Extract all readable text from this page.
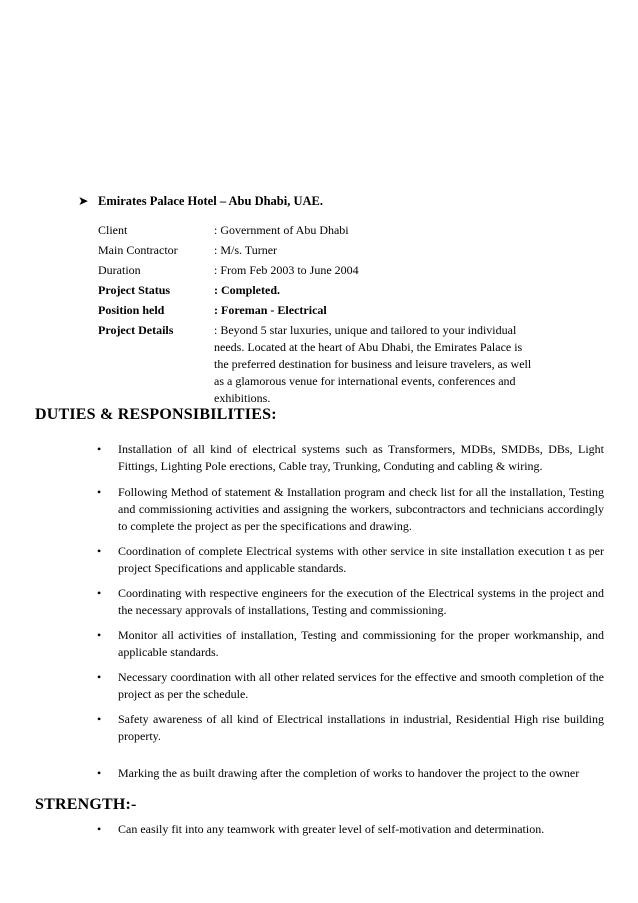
➤ Emirates Palace Hotel – Abu Dhabi, UAE.
Client	: Government of Abu Dhabi
Main Contractor	: M/s. Turner
Duration	: From Feb 2003 to June 2004
Project Status	: Completed.
Position held	: Foreman - Electrical
Project Details	: Beyond 5 star luxuries, unique and tailored to your individual needs. Located at the heart of Abu Dhabi, the Emirates Palace is the preferred destination for business and leisure travelers, as well as a glamorous venue for international events, conferences and exhibitions.
DUTIES & RESPONSIBILITIES:
• Installation of all kind of electrical systems such as Transformers, MDBs, SMDBs, DBs, Light Fittings, Lighting Pole erections, Cable tray, Trunking, Conduting and cabling & wiring.
• Following Method of statement & Installation program and check list for all the installation, Testing and commissioning activities and assigning the workers, subcontractors and technicians accordingly to complete the project as per the specifications and drawing.
• Coordination of complete Electrical systems with other service in site installation execution t as per project Specifications and applicable standards.
• Coordinating with respective engineers for the execution of the Electrical systems in the project and the necessary approvals of installations, Testing and commissioning.
• Monitor all activities of installation, Testing and commissioning for the proper workmanship, and applicable standards.
• Necessary coordination with all other related services for the effective and smooth completion of the project as per the schedule.
• Safety awareness of all kind of Electrical installations in industrial, Residential High rise building property.
• Marking the as built drawing after the completion of works to handover the project to the owner
STRENGTH:-
• Can easily fit into any teamwork with greater level of self-motivation and determination.
